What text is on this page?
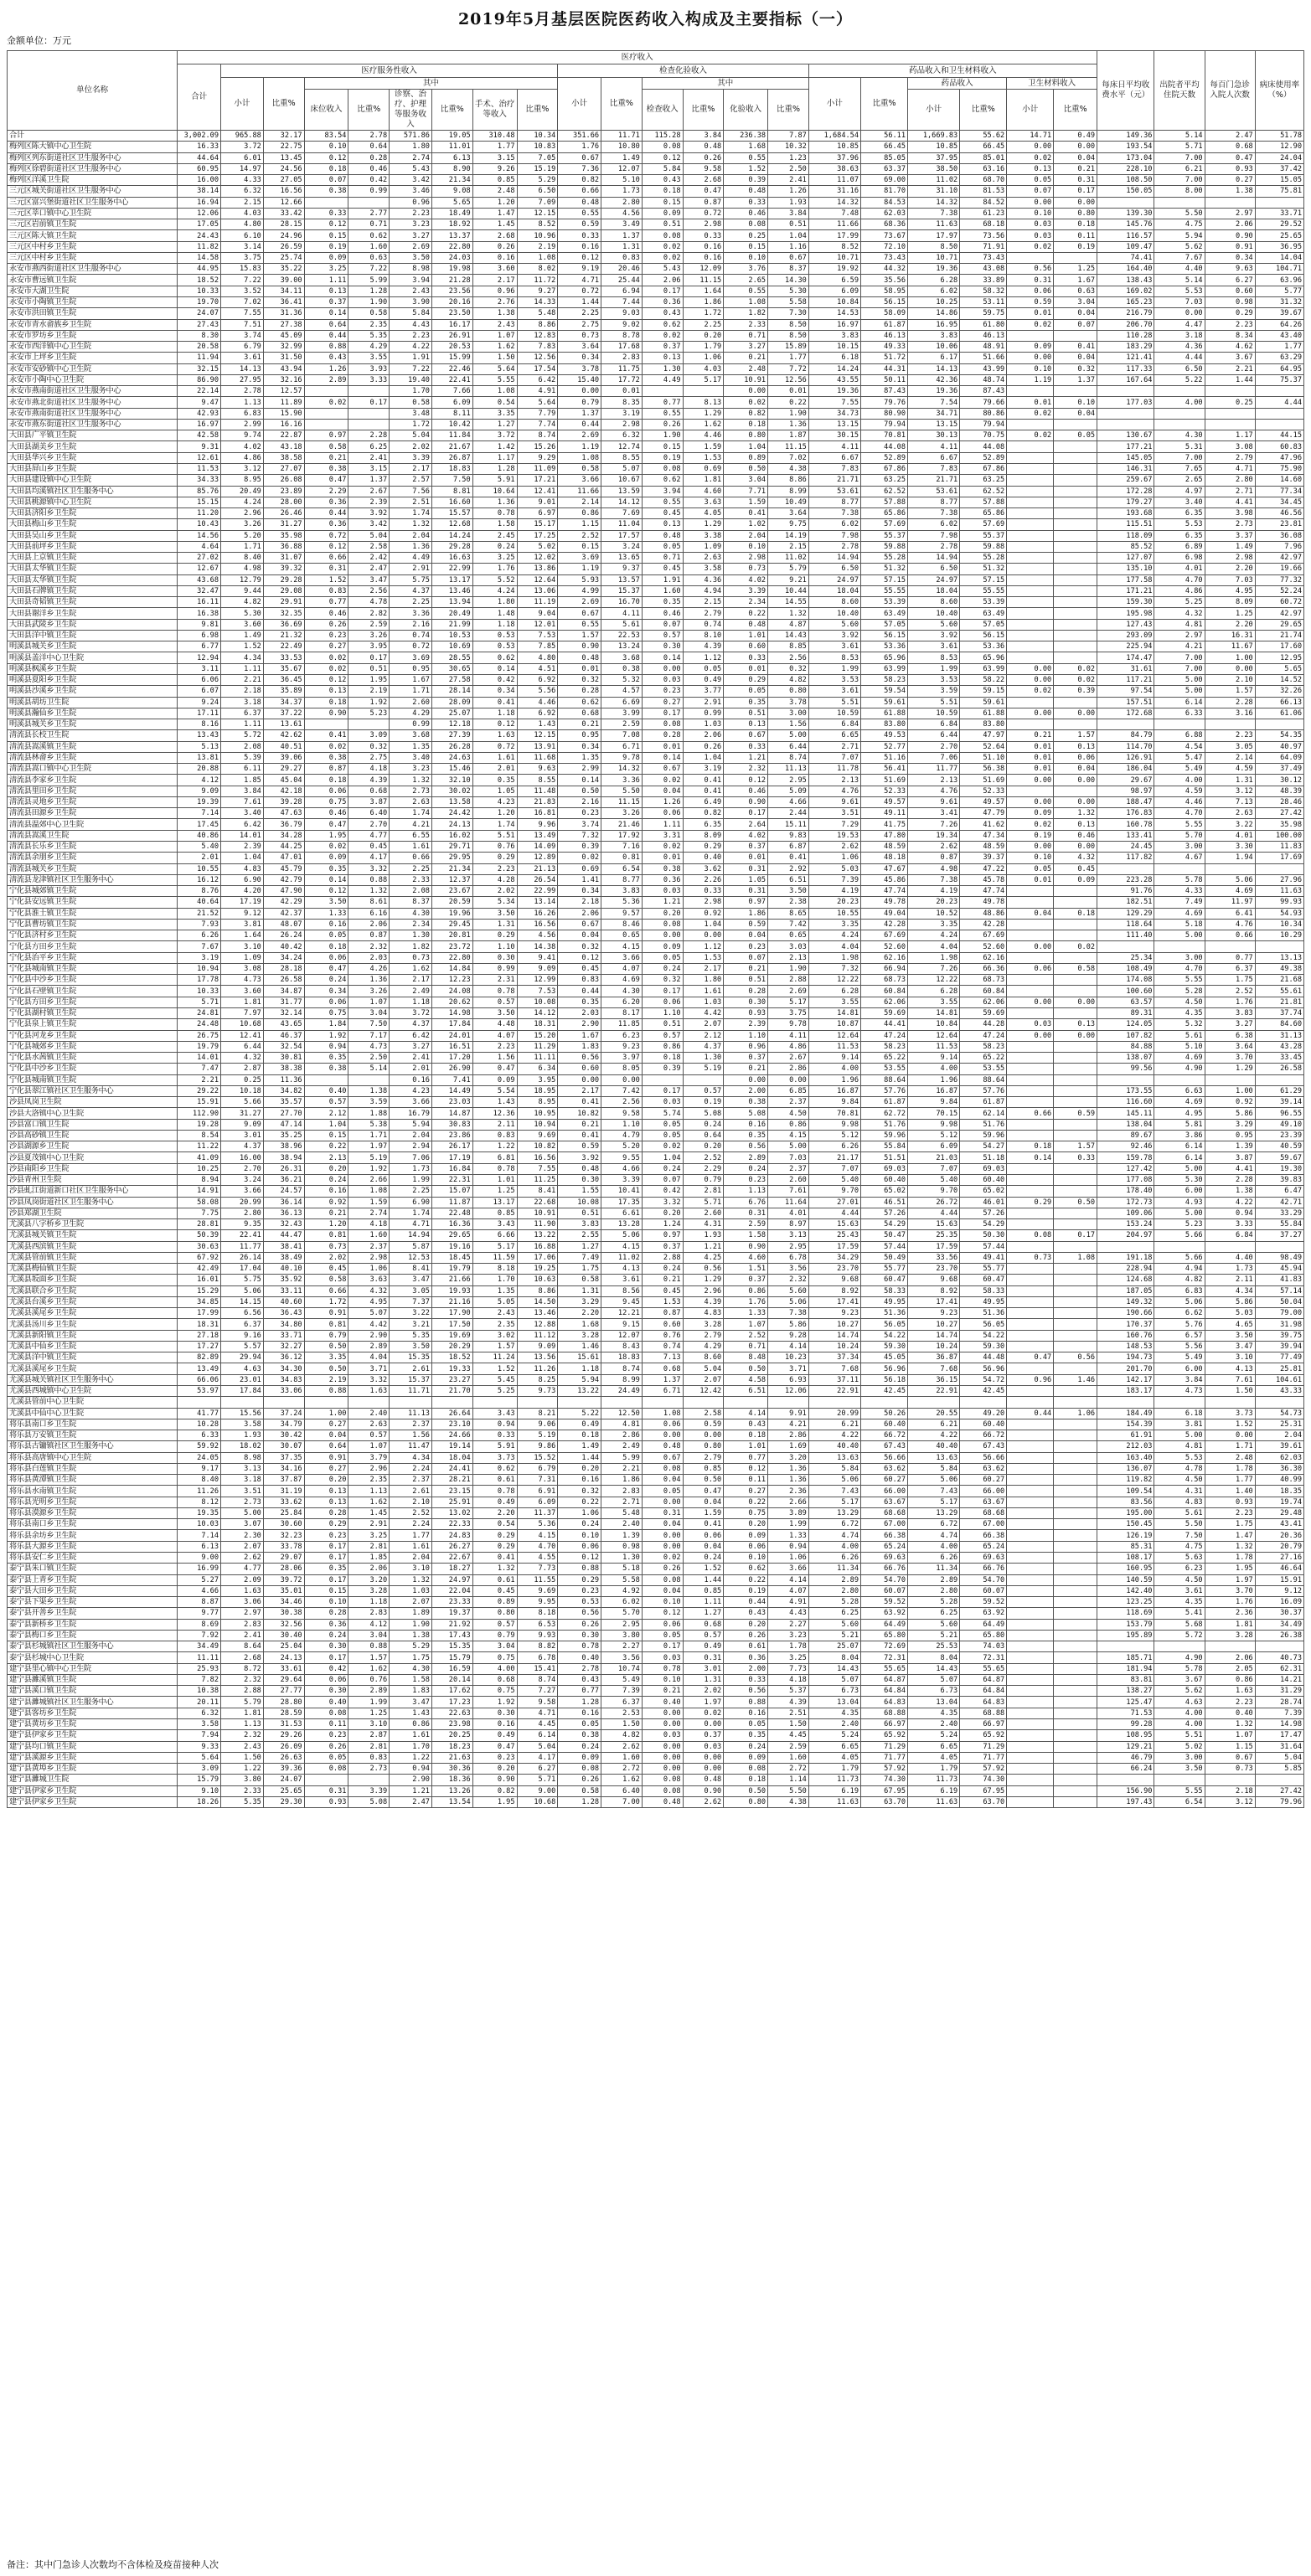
2019年5月基层医院医药收入构成及主要指标（一）
金额单位：万元
单位名称	医疗收入																					每床日平均收费水平（元）	出院者平均住院天数	每百门急诊入院人次数	病床使用率（%）
	合计	医疗服务性收入								检查化验收入						药品收入和卫生材料收入									
		小计	比重%	其中						小计	比重%	其中				小计	比重%	药品收入		卫生材料收入					
				床位收入	比重%	诊察、治疗、护理等服务收入	比重%	手术、治疗等收入	比重%			检查收入	比重%	化验收入	比重%			小计	比重%	小计	比重%				
合计	3,002.09	965.88	32.17	83.54	2.78	571.86	19.05	310.48	10.34	351.66	11.71	115.28	3.84	236.38	7.87	1,684.54	56.11	1,669.83	55.62	14.71	0.49	149.36	5.14	2.47	51.78
梅列区陈大镇中心卫生院	16.33	3.72	22.75	0.10	0.64	1.80	11.01	1.77	10.83	1.76	10.80	0.08	0.48	1.68	10.32	10.85	66.45	10.85	66.45	0.00	0.00	193.54	5.71	0.68	12.90
梅列区列东街道社区卫生服务中心	44.64	6.01	13.45	0.12	0.28	2.74	6.13	3.15	7.05	0.67	1.49	0.12	0.26	0.55	1.23	37.96	85.05	37.95	85.01	0.02	0.04	173.04	7.00	0.47	24.04
梅列区徐碧街道社区卫生服务中心	60.95	14.97	24.56	0.18	0.46	5.43	8.90	9.26	15.19	7.36	12.07	5.84	9.58	1.52	2.50	38.63	63.37	38.50	63.16	0.13	0.21	228.10	6.21	0.93	37.42
梅列区洋溪卫生院	16.00	4.33	27.05	0.07	0.42	3.42	21.34	0.85	5.29	0.82	5.10	0.43	2.68	0.39	2.41	11.07	69.00	11.02	68.70	0.05	0.31	108.50	7.00	0.27	15.05
三元区城关街道社区卫生服务中心	38.14	6.32	16.56	0.38	0.99	3.46	9.08	2.48	6.50	0.66	1.73	0.18	0.47	0.48	1.26	31.16	81.70	31.10	81.53	0.07	0.17	150.05	8.00	1.38	75.81
三元区富兴堡街道社区卫生服务中心	16.94	2.15	12.66			0.96	5.65	1.20	7.09	0.48	2.80	0.15	0.87	0.33	1.93	14.32	84.53	14.32	84.52	0.00	0.00				
三元区莘口镇中心卫生院	12.06	4.03	33.42	0.33	2.77	2.23	18.49	1.47	12.15	0.55	4.56	0.09	0.72	0.46	3.84	7.48	62.03	7.38	61.23	0.10	0.80	139.30	5.50	2.97	33.71
三元区岩前镇卫生院	17.05	4.80	28.15	0.12	0.71	3.23	18.92	1.45	8.52	0.59	3.49	0.51	2.98	0.08	0.51	11.66	68.36	11.63	68.18	0.03	0.18	145.76	4.75	2.06	29.52
三元区陈大镇卫生院	24.43	6.10	24.96	0.15	0.62	3.27	13.37	2.68	10.96	0.33	1.37	0.08	0.33	0.25	1.04	17.99	73.67	17.97	73.56	0.03	0.11	116.57	5.94	0.90	25.65
三元区中村乡卫生院	11.82	3.14	26.59	0.19	1.60	2.69	22.80	0.26	2.19	0.16	1.31	0.02	0.16	0.15	1.16	8.52	72.10	8.50	71.91	0.02	0.19	109.47	5.62	0.91	36.95
三元区中村乡卫生院	14.58	3.75	25.74	0.09	0.63	3.50	24.03	0.16	1.08	0.12	0.83	0.02	0.16	0.10	0.67	10.71	73.43	10.71	73.43			74.41	7.67	0.34	14.04
永安市燕西街道社区卫生服务中心	44.95	15.83	35.22	3.25	7.22	8.98	19.98	3.60	8.02	9.19	20.46	5.43	12.09	3.76	8.37	19.92	44.32	19.36	43.08	0.56	1.25	164.40	4.40	9.63	104.71
永安市曹远镇卫生院	18.52	7.22	39.00	1.11	5.99	3.94	21.28	2.17	11.72	4.71	25.44	2.06	11.15	2.65	14.30	6.59	35.56	6.28	33.89	0.31	1.67	138.43	5.14	6.27	63.96
永安市大湖卫生院	10.33	3.52	34.11	0.13	1.28	2.43	23.56	0.96	9.27	0.72	6.94	0.17	1.64	0.55	5.30	6.09	58.95	6.02	58.32	0.06	0.63	169.02	5.53	0.60	5.77
永安市小陶镇卫生院	19.70	7.02	36.41	0.37	1.90	3.90	20.16	2.76	14.33	1.44	7.44	0.36	1.86	1.08	5.58	10.84	56.15	10.25	53.11	0.59	3.04	165.23	7.03	0.98	31.32
永安市洪田镇卫生院	24.07	7.55	31.36	0.14	0.58	5.84	23.50	1.38	5.48	2.25	9.03	0.43	1.72	1.82	7.30	14.53	58.09	14.86	59.75	0.01	0.04	216.79	0.00	0.29	39.67
永安市青水畲族乡卫生院	27.43	7.51	27.38	0.64	2.35	4.43	16.17	2.43	8.86	2.75	9.02	0.62	2.25	2.33	8.50	16.97	61.87	16.95	61.80	0.02	0.07	206.70	4.47	2.23	64.26
永安市罗坊乡卫生院	8.30	3.74	45.09	0.44	5.35	2.23	26.91	1.07	12.83	0.73	8.78	0.02	0.20	0.71	8.50	3.83	46.13	3.83	46.13			110.28	3.18	8.34	43.40
永安市西洋镇中心卫生院	20.58	6.79	32.99	0.88	4.29	4.22	20.53	1.62	7.83	3.64	17.68	0.37	1.79	3.27	15.89	10.15	49.33	10.06	48.91	0.09	0.41	183.29	4.36	4.62	1.77
永安市上坪乡卫生院	11.94	3.61	31.50	0.43	3.55	1.91	15.99	1.50	12.56	0.34	2.83	0.13	1.06	0.21	1.77	6.18	51.72	6.17	51.66	0.00	0.04	121.41	4.44	3.67	63.29
永安市安砂镇中心卫生院	32.15	14.13	43.94	1.26	3.93	7.22	22.46	5.64	17.54	3.78	11.75	1.30	4.03	2.48	7.72	14.24	44.31	14.13	43.99	0.10	0.32	117.33	6.50	2.21	64.95
永安市小陶中心卫生院	86.90	27.95	32.16	2.89	3.33	19.40	22.41	5.55	6.42	15.40	17.72	4.49	5.17	10.91	12.56	43.55	50.11	42.36	48.74	1.19	1.37	167.64	5.22	1.44	75.37
永安市燕南街道社区卫生服务中心	22.14	2.78	12.57			1.70	7.66	1.08	4.91	0.00	0.01			0.00	0.01	19.36	87.43	19.36	87.43						
永安市燕北街道社区卫生服务中心	9.47	1.13	11.89	0.02	0.17	0.58	6.09	0.54	5.64	0.79	8.35	0.77	8.13	0.02	0.22	7.55	79.76	7.54	79.66	0.01	0.10	177.03	4.00	0.25	4.44
永安市燕南街道社区卫生服务中心	42.93	6.83	15.90			3.48	8.11	3.35	7.79	1.37	3.19	0.55	1.29	0.82	1.90	34.73	80.90	34.71	80.86	0.02	0.04				
永安市燕东街道社区卫生服务中心	16.97	2.99	16.16			1.72	10.42	1.27	7.74	0.44	2.98	0.26	1.62	0.18	1.36	13.15	79.94	13.15	79.94						
大田县广平镇卫生院	42.58	9.74	22.87	0.97	2.28	5.04	11.84	3.72	8.74	2.69	6.32	1.90	4.46	0.80	1.87	30.15	70.81	30.13	70.75	0.02	0.05	130.67	4.30	1.17	44.15
大田县湖美乡卫生院	9.31	4.02	43.18	0.58	6.25	2.02	21.67	1.42	15.26	1.19	12.74	0.15	1.59	1.04	11.15	4.11	44.08	4.11	44.08			177.21	5.31	3.08	60.83
大田县华兴乡卫生院	12.61	4.86	38.58	0.21	2.41	3.39	26.87	1.17	9.29	1.08	8.55	0.19	1.53	0.89	7.02	6.67	52.89	6.67	52.89			145.05	7.00	2.79	47.96
大田县屏山乡卫生院	11.53	3.12	27.07	0.38	3.15	2.17	18.83	1.28	11.09	0.58	5.07	0.08	0.69	0.50	4.38	7.83	67.86	7.83	67.86			146.31	7.65	4.71	75.90
大田县建设镇中心卫生院	34.33	8.95	26.08	0.47	1.37	2.57	7.50	5.91	17.21	3.66	10.67	0.62	1.81	3.04	8.86	21.71	63.25	21.71	63.25			259.67	2.65	2.80	14.60
大田县均溪镇社区卫生服务中心	85.76	20.49	23.89	2.29	2.67	7.56	8.81	10.64	12.41	11.66	13.59	3.94	4.60	7.71	8.99	53.61	62.52	53.61	62.52			172.28	4.97	2.71	77.34
大田县桃源镇中心卫生院	15.15	4.24	28.00	0.36	2.39	2.51	16.60	1.36	9.01	2.14	14.12	0.55	3.63	1.59	10.49	8.77	57.88	8.77	57.88			179.27	3.40	4.41	34.45
大田县济阳乡卫生院	11.20	2.96	26.46	0.44	3.92	1.74	15.57	0.78	6.97	0.86	7.69	0.45	4.05	0.41	3.64	7.38	65.86	7.38	65.86			193.68	6.35	3.98	46.56
大田县梅山乡卫生院	10.43	3.26	31.27	0.36	3.42	1.32	12.68	1.58	15.17	1.15	11.04	0.13	1.29	1.02	9.75	6.02	57.69	6.02	57.69			115.51	5.53	2.73	23.81
大田县吴山乡卫生院	14.56	5.20	35.98	0.72	5.04	2.04	14.24	2.45	17.25	2.52	17.57	0.48	3.38	2.04	14.19	7.98	55.37	7.98	55.37			118.09	6.35	3.37	36.08
大田县前坪乡卫生院	4.64	1.71	36.88	0.12	2.58	1.36	29.28	0.24	5.02	0.15	3.24	0.05	1.09	0.10	2.15	2.78	59.88	2.78	59.88			85.52	6.89	1.49	7.96
大田县上京镇卫生院	27.02	8.40	31.07	0.66	2.42	4.49	16.63	3.25	12.02	3.69	13.65	0.71	2.63	2.98	11.02	14.94	55.28	14.94	55.28			127.07	6.98	2.98	42.97
大田县太华镇卫生院	12.67	4.98	39.32	0.31	2.47	2.91	22.99	1.76	13.86	1.19	9.37	0.45	3.58	0.73	5.79	6.50	51.32	6.50	51.32			135.10	4.01	2.20	19.66
大田县太华镇卫生院	43.68	12.79	29.28	1.52	3.47	5.75	13.17	5.52	12.64	5.93	13.57	1.91	4.36	4.02	9.21	24.97	57.15	24.97	57.15			177.58	4.70	7.03	77.32
大田县石牌镇卫生院	32.47	9.44	29.08	0.83	2.56	4.37	13.46	4.24	13.06	4.99	15.37	1.60	4.94	3.39	10.44	18.04	55.55	18.04	55.55			171.21	4.86	4.95	52.24
大田县奇韬镇卫生院	16.11	4.82	29.91	0.77	4.78	2.25	13.94	1.80	11.19	2.69	16.70	0.35	2.15	2.34	14.55	8.60	53.39	8.60	53.39			159.30	5.25	8.09	60.72
大田县谢洋乡卫生院	16.38	5.30	32.35	0.46	2.82	3.36	20.49	1.48	9.04	0.67	4.11	0.46	2.79	0.22	1.32	10.40	63.49	10.40	63.49			195.98	4.32	1.25	42.97
大田县武陵乡卫生院	9.81	3.60	36.69	0.26	2.59	2.16	21.99	1.18	12.01	0.55	5.61	0.07	0.74	0.48	4.87	5.60	57.05	5.60	57.05			127.43	4.81	2.20	29.65
大田县洋中镇卫生院	6.98	1.49	21.32	0.23	3.26	0.74	10.53	0.53	7.53	1.57	22.53	0.57	8.10	1.01	14.43	3.92	56.15	3.92	56.15			293.09	2.97	16.31	21.74
明溪县城关乡卫生院	6.77	1.52	22.49	0.27	3.95	0.72	10.69	0.53	7.85	0.90	13.24	0.30	4.39	0.60	8.85	3.61	53.36	3.61	53.36			225.94	4.21	11.67	17.60
明溪县盖洋中心卫生院	12.94	4.34	33.53	0.02	0.17	3.69	28.55	0.62	4.80	0.48	3.68	0.14	1.12	0.33	2.56	8.53	65.96	8.53	65.96			174.47	7.00	1.00	12.95
明溪县枫溪乡卫生院	3.11	1.11	35.67	0.02	0.51	0.95	30.65	0.14	4.51	0.01	0.38	0.00	0.05	0.01	0.32	1.99	63.99	1.99	63.99	0.00	0.02	31.61	7.00	0.00	5.65
明溪县夏阳乡卫生院	6.06	2.21	36.45	0.12	1.95	1.67	27.58	0.42	6.92	0.32	5.32	0.03	0.49	0.29	4.82	3.53	58.23	3.53	58.22	0.00	0.02	117.21	5.00	2.10	14.52
明溪县沙溪乡卫生院	6.07	2.18	35.89	0.13	2.19	1.71	28.14	0.34	5.56	0.28	4.57	0.23	3.77	0.05	0.80	3.61	59.54	3.59	59.15	0.02	0.39	97.54	5.00	1.57	32.26
明溪县胡坊卫生院	9.24	3.18	34.37	0.18	1.92	2.60	28.09	0.41	4.46	0.62	6.69	0.27	2.91	0.35	3.78	5.51	59.61	5.51	59.61			157.51	6.14	2.28	66.13
明溪县瀚仙乡卫生院	17.11	6.37	37.22	0.90	5.23	4.29	25.07	1.18	6.92	0.68	3.99	0.17	0.99	0.51	3.00	10.59	61.88	10.59	61.88	0.00	0.00	172.68	6.33	3.16	61.06
明溪县城关乡卫生院	8.16	1.11	13.61			0.99	12.18	0.12	1.43	0.21	2.59	0.08	1.03	0.13	1.56	6.84	83.80	6.84	83.80						
清流县长校卫生院	13.43	5.72	42.62	0.41	3.09	3.68	27.39	1.63	12.15	0.95	7.08	0.28	2.06	0.67	5.00	6.65	49.53	6.44	47.97	0.21	1.57	84.79	6.88	2.23	54.35
清流县嵩溪镇卫生院	5.13	2.08	40.51	0.02	0.32	1.35	26.28	0.72	13.91	0.34	6.71	0.01	0.26	0.33	6.44	2.71	52.77	2.70	52.64	0.01	0.13	114.70	4.54	3.05	40.97
清流县林畲乡卫生院	13.81	5.39	39.06	0.38	2.75	3.40	24.63	1.61	11.68	1.35	9.78	0.14	1.04	1.21	8.74	7.07	51.16	7.06	51.10	0.01	0.06	126.91	5.47	2.14	64.09
清流县嵩口镇中心卫生院	20.88	6.11	29.27	0.87	4.18	3.23	15.46	2.01	9.63	2.99	14.32	0.67	3.19	2.32	11.13	11.78	56.41	11.77	56.38	0.01	0.04	186.04	5.49	4.59	37.49
清流县李家乡卫生院	4.12	1.85	45.04	0.18	4.39	1.32	32.10	0.35	8.55	0.14	3.36	0.02	0.41	0.12	2.95	2.13	51.69	2.13	51.69	0.00	0.00	29.67	4.00	1.31	30.12
清流县里田乡卫生院	9.09	3.84	42.18	0.06	0.68	2.73	30.02	1.05	11.48	0.50	5.50	0.04	0.41	0.46	5.09	4.76	52.33	4.76	52.33			98.97	4.59	3.12	48.39
清流县灵地乡卫生院	19.39	7.61	39.28	0.75	3.87	2.63	13.58	4.23	21.83	2.16	11.15	1.26	6.49	0.90	4.66	9.61	49.57	9.61	49.57	0.00	0.00	188.47	4.46	7.13	28.46
清流县田源乡卫生院	7.14	3.40	47.63	0.46	6.40	1.74	24.42	1.20	16.81	0.23	3.26	0.06	0.82	0.17	2.44	3.51	49.11	3.41	47.79	0.09	1.32	176.83	4.70	2.63	27.42
清流县温郊中心卫生院	17.45	6.42	36.79	0.47	2.70	4.21	24.13	1.74	9.96	3.74	21.46	1.11	6.35	2.64	15.11	7.29	41.75	7.26	41.62	0.02	0.13	160.78	5.55	3.22	35.98
清流县嵩溪卫生院	40.86	14.01	34.28	1.95	4.77	6.55	16.02	5.51	13.49	7.32	17.92	3.31	8.09	4.02	9.83	19.53	47.80	19.34	47.34	0.19	0.46	133.41	5.70	4.01	100.00
清流县长乐乡卫生院	5.40	2.39	44.25	0.02	0.45	1.61	29.71	0.76	14.09	0.39	7.16	0.02	0.29	0.37	6.87	2.62	48.59	2.62	48.59	0.00	0.00	24.45	3.00	3.30	11.83
清流县余朋乡卫生院	2.01	1.04	47.01	0.09	4.17	0.66	29.95	0.29	12.89	0.02	0.81	0.01	0.40	0.01	0.41	1.06	48.18	0.87	39.37	0.10	4.32	117.82	4.67	1.94	17.69
清流县城关乡卫生院	10.55	4.83	45.79	0.35	3.32	2.25	21.34	2.23	21.13	0.69	6.54	0.38	3.62	0.31	2.92	5.03	47.67	4.98	47.22	0.05	0.45				
清流县龙津镇社区卫生服务中心	16.12	6.90	42.79	0.14	0.88	2.33	12.37	4.28	26.54	1.41	8.77	0.36	2.26	1.05	6.51	7.39	45.86	7.38	45.78	0.01	0.09	223.28	5.78	5.06	27.96
宁化县城郊镇卫生院	8.76	4.20	47.90	0.12	1.32	2.08	23.67	2.02	22.99	0.34	3.83	0.03	0.33	0.31	3.50	4.19	47.74	4.19	47.74			91.76	4.33	4.69	11.63
宁化县安远镇卫生院	40.64	17.19	42.29	3.50	8.61	8.37	20.59	5.34	13.14	2.18	5.36	1.21	2.98	0.97	2.38	20.23	49.78	20.23	49.78			182.51	7.49	11.97	99.93
宁化县淮土镇卫生院	21.52	9.12	42.37	1.33	6.16	4.30	19.96	3.50	16.26	2.06	9.57	0.20	0.92	1.86	8.65	10.55	49.04	10.52	48.86	0.04	0.18	129.29	4.69	6.41	54.93
宁化县曹坊镇卫生院	7.93	3.81	48.07	0.16	2.06	2.34	29.45	1.31	16.56	0.67	8.46	0.08	1.04	0.59	7.42	3.35	42.28	3.35	42.28			118.64	5.18	4.76	10.34
宁化县济村乡卫生院	6.26	1.64	26.24	0.05	0.87	1.30	20.81	0.29	4.56	0.04	0.65	0.00	0.00	0.04	0.65	4.24	67.69	4.24	67.69			111.40	5.00	0.66	10.29
宁化县方田乡卫生院	7.67	3.10	40.42	0.18	2.32	1.82	23.72	1.10	14.38	0.32	4.15	0.09	1.12	0.23	3.03	4.04	52.60	4.04	52.60	0.00	0.02				
宁化县治平乡卫生院	3.19	1.09	34.24	0.06	2.03	0.73	22.80	0.30	9.41	0.12	3.66	0.05	1.53	0.07	2.13	1.98	62.16	1.98	62.16			25.34	3.00	0.77	13.13
宁化县城南镇卫生院	10.94	3.08	28.18	0.47	4.26	1.62	14.84	0.99	9.09	0.45	4.07	0.24	2.17	0.21	1.90	7.32	66.94	7.26	66.36	0.06	0.58	108.49	4.70	6.37	49.38
宁化县中沙乡卫生院	17.78	4.73	26.58	0.24	1.36	2.17	12.23	2.31	12.99	0.83	4.69	0.32	1.80	0.51	2.88	12.22	68.73	12.22	68.73			174.08	5.55	1.75	21.68
宁化县石壁镇卫生院	10.33	3.60	34.87	0.34	3.26	2.49	24.08	0.78	7.53	0.44	4.30	0.17	1.61	0.28	2.69	6.28	60.84	6.28	60.84			100.60	5.28	2.52	55.61
宁化县方田乡卫生院	5.71	1.81	31.77	0.06	1.07	1.18	20.62	0.57	10.08	0.35	6.20	0.06	1.03	0.30	5.17	3.55	62.06	3.55	62.06	0.00	0.00	63.57	4.50	1.76	21.81
宁化县湖村镇卫生院	24.81	7.97	32.14	0.75	3.04	3.72	14.98	3.50	14.12	2.03	8.17	1.10	4.42	0.93	3.75	14.81	59.69	14.81	59.69			89.31	4.35	3.83	37.74
宁化县泉上镇卫生院	24.48	10.68	43.65	1.84	7.50	4.37	17.84	4.48	18.31	2.90	11.85	0.51	2.07	2.39	9.78	10.87	44.41	10.84	44.28	0.03	0.13	124.05	5.32	3.27	84.60
宁化县河龙乡卫生院	26.75	12.41	46.37	1.92	7.17	6.42	24.01	4.07	15.20	1.67	6.23	0.57	2.12	1.10	4.11	12.64	47.24	12.64	47.24	0.00	0.00	107.82	5.61	6.38	31.13
宁化县城郊乡卫生院	19.79	6.44	32.54	0.94	4.73	3.27	16.51	2.23	11.29	1.83	9.23	0.86	4.37	0.96	4.86	11.53	58.23	11.53	58.23			84.88	5.10	3.64	43.28
宁化县水茜镇卫生院	14.01	4.32	30.81	0.35	2.50	2.41	17.20	1.56	11.11	0.56	3.97	0.18	1.30	0.37	2.67	9.14	65.22	9.14	65.22			138.07	4.69	3.70	33.45
宁化县中沙乡卫生院	7.47	2.87	38.38	0.38	5.14	2.01	26.90	0.47	6.34	0.60	8.05	0.39	5.19	0.21	2.86	4.00	53.55	4.00	53.55			99.56	4.90	1.29	26.58
宁化县城南镇卫生院	2.21	0.25	11.36			0.16	7.41	0.09	3.95	0.00	0.00			0.00	0.00	1.96	88.64	1.96	88.64						
宁化县翠江镇社区卫生服务中心	29.22	10.18	34.82	0.40	1.38	4.23	14.49	5.54	18.95	2.17	7.42	0.17	0.57	2.00	6.85	16.87	57.76	16.87	57.76			173.55	6.63	1.00	61.29
沙县凤岗卫生院	15.91	5.66	35.57	0.57	3.59	3.66	23.03	1.43	8.95	0.41	2.56	0.03	0.19	0.38	2.37	9.84	61.87	9.84	61.87			116.60	4.69	0.92	39.14
沙县大洛镇中心卫生院	112.90	31.27	27.70	2.12	1.88	16.79	14.87	12.36	10.95	10.82	9.58	5.74	5.08	5.08	4.50	70.81	62.72	70.15	62.14	0.66	0.59	145.11	4.95	5.86	96.55
沙县富口镇卫生院	19.28	9.09	47.14	1.04	5.38	5.94	30.83	2.11	10.94	0.21	1.10	0.05	0.24	0.16	0.86	9.98	51.76	9.98	51.76			138.04	5.81	3.29	49.10
沙县高砂镇卫生院	8.54	3.01	35.25	0.15	1.71	2.04	23.86	0.83	9.69	0.41	4.79	0.05	0.64	0.35	4.15	5.12	59.96	5.12	59.96			89.67	3.86	0.95	23.39
沙县湖源乡卫生院	11.22	4.37	38.96	0.22	1.97	2.94	26.17	1.22	10.82	0.59	5.20	0.02	0.20	0.56	5.00	6.26	55.84	6.09	54.27	0.18	1.57	92.46	6.14	1.39	40.59
沙县夏茂镇中心卫生院	41.09	16.00	38.94	2.13	5.19	7.06	17.19	6.81	16.56	3.92	9.55	1.04	2.52	2.89	7.03	21.17	51.51	21.03	51.18	0.14	0.33	159.78	6.14	3.87	59.67
沙县南阳乡卫生院	10.25	2.70	26.31	0.20	1.92	1.73	16.84	0.78	7.55	0.48	4.66	0.24	2.29	0.24	2.37	7.07	69.03	7.07	69.03			127.42	5.00	4.41	19.30
沙县青州卫生院	8.94	3.24	36.21	0.24	2.66	1.99	22.31	1.01	11.25	0.30	3.39	0.07	0.79	0.23	2.60	5.40	60.40	5.40	60.40			177.08	5.30	2.28	39.83
沙县虬江街道新口社区卫生服务中心	14.91	3.66	24.57	0.16	1.08	2.25	15.07	1.25	8.41	1.55	10.41	0.42	2.81	1.13	7.61	9.70	65.02	9.70	65.02			178.40	6.00	1.38	6.47
沙县凤岗街道社区卫生服务中心	58.08	20.99	36.14	0.92	1.59	6.90	11.87	13.17	22.68	10.08	17.35	3.32	5.71	6.76	11.64	27.01	46.51	26.72	46.01	0.29	0.50	172.73	4.93	4.22	42.71
沙县郑湖卫生院	7.75	2.80	36.13	0.21	2.74	1.74	22.48	0.85	10.91	0.51	6.61	0.20	2.60	0.31	4.01	4.44	57.26	4.44	57.26			109.06	5.00	0.94	33.29
尤溪县八字桥乡卫生院	28.81	9.35	32.43	1.20	4.18	4.71	16.36	3.43	11.90	3.83	13.28	1.24	4.31	2.59	8.97	15.63	54.29	15.63	54.29			153.24	5.23	3.33	55.84
尤溪县城关镇卫生院	50.39	22.41	44.47	0.81	1.60	14.94	29.65	6.66	13.22	2.55	5.06	0.97	1.93	1.58	3.13	25.43	50.47	25.35	50.30	0.08	0.17	204.97	5.66	6.84	37.27
尤溪县西滨镇卫生院	30.63	11.77	38.41	0.73	2.37	5.87	19.16	5.17	16.88	1.27	4.15	0.37	1.21	0.90	2.95	17.59	57.44	17.59	57.44						
尤溪县管前镇卫生院	67.92	26.14	38.49	2.02	2.98	12.53	18.45	11.59	17.06	7.49	11.02	2.88	4.25	4.60	6.78	34.29	50.49	33.56	49.41	0.73	1.08	191.18	5.66	4.40	98.49
尤溪县梅仙镇卫生院	42.49	17.04	40.10	0.45	1.06	8.41	19.79	8.18	19.25	1.75	4.13	0.24	0.56	1.51	3.56	23.70	55.77	23.70	55.77			228.94	4.94	1.73	45.94
尤溪县坂面乡卫生院	16.01	5.75	35.92	0.58	3.63	3.47	21.66	1.70	10.63	0.58	3.61	0.21	1.29	0.37	2.32	9.68	60.47	9.68	60.47			124.68	4.82	2.11	41.83
尤溪县联合乡卫生院	15.29	5.06	33.11	0.66	4.32	3.05	19.93	1.35	8.86	1.31	8.56	0.45	2.96	0.86	5.60	8.92	58.33	8.92	58.33			187.05	6.83	4.34	57.14
尤溪县台溪乡卫生院	34.85	14.15	40.60	1.72	4.95	7.37	21.16	5.05	14.50	3.29	9.45	1.53	4.39	1.76	5.06	17.41	49.95	17.41	49.95			149.32	5.06	5.86	50.04
尤溪县溪尾乡卫生院	17.99	6.56	36.43	0.91	5.07	3.22	17.90	2.43	13.46	2.20	12.21	0.87	4.83	1.33	7.38	9.23	51.36	9.23	51.36			190.66	6.62	5.03	79.00
尤溪县汤川乡卫生院	18.31	6.37	34.80	0.81	4.42	3.21	17.50	2.35	12.88	1.68	9.15	0.60	3.28	1.07	5.86	10.27	56.05	10.27	56.05			170.37	5.76	4.65	31.98
尤溪县新阳镇卫生院	27.18	9.16	33.71	0.79	2.90	5.35	19.69	3.02	11.12	3.28	12.07	0.76	2.79	2.52	9.28	14.74	54.22	14.74	54.22			160.76	6.57	3.50	39.75
尤溪县中仙乡卫生院	17.27	5.57	32.27	0.50	2.89	3.50	20.29	1.57	9.09	1.46	8.43	0.74	4.29	0.71	4.14	10.24	59.30	10.24	59.30			148.53	5.56	3.47	39.94
尤溪县洋中镇卫生院	82.89	29.94	36.12	3.35	4.04	15.35	18.52	11.24	13.56	15.61	18.83	7.13	8.60	8.48	10.23	37.34	45.05	36.87	44.48	0.47	0.56	194.73	5.49	3.10	77.49
尤溪县溪尾乡卫生院	13.49	4.63	34.30	0.50	3.71	2.61	19.33	1.52	11.26	1.18	8.74	0.68	5.04	0.50	3.71	7.68	56.96	7.68	56.96			201.70	6.00	4.13	25.81
尤溪县城关镇社区卫生服务中心	66.06	23.01	34.83	2.19	3.32	15.37	23.27	5.45	8.25	5.94	8.99	1.37	2.07	4.58	6.93	37.11	56.18	36.15	54.72	0.96	1.46	142.17	3.84	7.61	104.61
尤溪县西城镇中心卫生院	53.97	17.84	33.06	0.88	1.63	11.71	21.70	5.25	9.73	13.22	24.49	6.71	12.42	6.51	12.06	22.91	42.45	22.91	42.45			183.17	4.73	1.50	43.33
尤溪县管前中心卫生院																									
尤溪县中仙中心卫生院	41.77	15.56	37.24	1.00	2.40	11.13	26.64	3.43	8.21	5.22	12.50	1.08	2.58	4.14	9.91	20.99	50.26	20.55	49.20	0.44	1.06	184.49	6.18	3.73	54.73
将乐县南口乡卫生院	10.28	3.58	34.79	0.27	2.63	2.37	23.10	0.94	9.06	0.49	4.81	0.06	0.59	0.43	4.21	6.21	60.40	6.21	60.40			154.39	3.81	1.52	25.31
将乐县万安镇卫生院	6.33	1.93	30.42	0.04	0.57	1.56	24.66	0.33	5.19	0.18	2.86	0.00	0.00	0.18	2.86	4.22	66.72	4.22	66.72			61.91	5.00	0.00	2.04
将乐县古镛镇社区卫生服务中心	59.92	18.02	30.07	0.64	1.07	11.47	19.14	5.91	9.86	1.49	2.49	0.48	0.80	1.01	1.69	40.40	67.43	40.40	67.43			212.03	4.81	1.71	39.61
将乐县高唐镇中心卫生院	24.05	8.98	37.35	0.91	3.79	4.34	18.04	3.73	15.52	1.44	5.99	0.67	2.79	0.77	3.20	13.63	56.66	13.63	56.66			163.40	5.53	2.48	62.03
将乐县白莲镇卫生院	9.17	3.13	34.16	0.27	2.96	2.24	24.41	0.62	6.79	0.20	2.21	0.08	0.85	0.12	1.36	5.84	63.62	5.84	63.62			136.07	4.78	1.78	36.30
将乐县黄潭镇卫生院	8.40	3.18	37.87	0.20	2.35	2.37	28.21	0.61	7.31	0.16	1.86	0.04	0.50	0.11	1.36	5.06	60.27	5.06	60.27			119.82	4.50	1.77	40.99
将乐县水南镇卫生院	11.26	3.51	31.19	0.13	1.13	2.61	23.15	0.78	6.91	0.32	2.83	0.05	0.47	0.27	2.36	7.43	66.00	7.43	66.00			109.54	4.31	1.40	18.35
将乐县光明乡卫生院	8.12	2.73	33.62	0.13	1.62	2.10	25.91	0.49	6.09	0.22	2.71	0.00	0.04	0.22	2.66	5.17	63.67	5.17	63.67			83.56	4.83	0.93	19.74
将乐县漠源乡卫生院	19.35	5.00	25.84	0.28	1.45	2.52	13.02	2.20	11.37	1.06	5.48	0.31	1.59	0.75	3.89	13.29	68.68	13.29	68.68			195.00	5.61	2.23	29.48
将乐县南口乡卫生院	10.03	3.07	30.60	0.29	2.91	2.24	22.33	0.54	5.36	0.24	2.40	0.04	0.41	0.20	1.99	6.72	67.00	6.72	67.00			150.45	5.50	1.75	43.41
将乐县余坊乡卫生院	7.14	2.30	32.23	0.23	3.25	1.77	24.83	0.29	4.15	0.10	1.39	0.00	0.06	0.09	1.33	4.74	66.38	4.74	66.38			126.19	7.50	1.47	20.36
将乐县大源乡卫生院	6.13	2.07	33.78	0.17	2.81	1.61	26.27	0.29	4.70	0.06	0.98	0.00	0.04	0.06	0.94	4.00	65.24	4.00	65.24			85.31	4.75	1.32	20.79
将乐县安仁乡卫生院	9.00	2.62	29.07	0.17	1.85	2.04	22.67	0.41	4.55	0.12	1.30	0.02	0.24	0.10	1.06	6.26	69.63	6.26	69.63			108.17	5.63	1.78	27.16
泰宁县朱口镇卫生院	16.99	4.77	28.06	0.35	2.06	3.10	18.27	1.32	7.73	0.88	5.18	0.26	1.52	0.62	3.66	11.34	66.76	11.34	66.76			160.95	6.23	1.95	46.64
泰宁县上青乡卫生院	5.27	2.09	39.72	0.17	3.20	1.32	24.97	0.61	11.55	0.29	5.58	0.08	1.44	0.22	4.14	2.89	54.70	2.89	54.70			140.59	4.50	1.97	15.91
泰宁县大田乡卫生院	4.66	1.63	35.01	0.15	3.28	1.03	22.04	0.45	9.69	0.23	4.92	0.04	0.85	0.19	4.07	2.80	60.07	2.80	60.07			142.40	3.61	3.70	9.12
泰宁县下渠乡卫生院	8.87	3.06	34.46	0.10	1.18	2.07	23.33	0.89	9.95	0.53	6.02	0.10	1.11	0.44	4.91	5.28	59.52	5.28	59.52			123.25	4.35	1.76	16.09
泰宁县开善乡卫生院	9.77	2.97	30.38	0.28	2.83	1.89	19.37	0.80	8.18	0.56	5.70	0.12	1.27	0.43	4.43	6.25	63.92	6.25	63.92			118.69	5.41	2.36	30.37
泰宁县新桥乡卫生院	8.69	2.83	32.56	0.36	4.12	1.90	21.92	0.57	6.53	0.26	2.95	0.06	0.68	0.20	2.27	5.60	64.49	5.60	64.49			153.79	5.68	1.81	34.49
泰宁县梅口乡卫生院	7.92	2.41	30.40	0.24	3.04	1.38	17.43	0.79	9.93	0.30	3.80	0.05	0.57	0.26	3.23	5.21	65.80	5.21	65.80			195.89	5.72	3.28	26.38
泰宁县杉城镇社区卫生服务中心	34.49	8.64	25.04	0.30	0.88	5.29	15.35	3.04	8.82	0.78	2.27	0.17	0.49	0.61	1.78	25.07	72.69	25.53	74.03						
泰宁县杉城中心卫生院	11.11	2.68	24.13	0.17	1.57	1.75	15.79	0.75	6.78	0.40	3.56	0.03	0.31	0.36	3.25	8.04	72.31	8.04	72.31			185.71	4.90	2.06	40.73
建宁县里心镇中心卫生院	25.93	8.72	33.61	0.42	1.62	4.30	16.59	4.00	15.41	2.78	10.74	0.78	3.01	2.00	7.73	14.43	55.65	14.43	55.65			181.94	5.78	2.05	62.31
建宁县濉溪镇卫生院	7.82	2.32	29.64	0.06	0.76	1.58	20.14	0.68	8.74	0.43	5.49	0.10	1.31	0.33	4.18	5.07	64.87	5.07	64.87			83.81	3.67	0.86	14.21
建宁县溪口镇卫生院	10.38	2.88	27.77	0.30	2.89	1.83	17.62	0.75	7.27	0.77	7.39	0.21	2.02	0.56	5.37	6.73	64.84	6.73	64.84			138.27	5.62	1.63	31.29
建宁县濉城镇社区卫生服务中心	20.11	5.79	28.80	0.40	1.99	3.47	17.23	1.92	9.58	1.28	6.37	0.40	1.97	0.88	4.39	13.04	64.83	13.04	64.83			125.47	4.63	2.23	28.74
建宁县客坊乡卫生院	6.32	1.81	28.59	0.08	1.25	1.43	22.63	0.30	4.71	0.16	2.53	0.00	0.02	0.16	2.51	4.35	68.88	4.35	68.88			71.53	4.00	0.40	7.39
建宁县黄坊乡卫生院	3.58	1.13	31.53	0.11	3.10	0.86	23.98	0.16	4.45	0.05	1.50	0.00	0.00	0.05	1.50	2.40	66.97	2.40	66.97			99.28	4.00	1.32	14.98
建宁县伊家乡卫生院	7.94	2.32	29.26	0.23	2.87	1.61	20.25	0.49	6.14	0.38	4.82	0.03	0.37	0.35	4.45	5.24	65.92	5.24	65.92			108.95	5.51	1.07	17.47
建宁县均口镇卫生院	9.33	2.43	26.09	0.26	2.81	1.70	18.23	0.47	5.04	0.24	2.62	0.00	0.03	0.24	2.59	6.65	71.29	6.65	71.29			129.21	5.02	1.15	31.64
建宁县溪源乡卫生院	5.64	1.50	26.63	0.05	0.83	1.22	21.63	0.23	4.17	0.09	1.60	0.00	0.00	0.09	1.60	4.05	71.77	4.05	71.77			46.79	3.00	0.67	5.04
建宁县黄埠乡卫生院	3.09	1.22	39.36	0.08	2.73	0.94	30.36	0.20	6.27	0.08	2.72	0.00	0.00	0.08	2.72	1.79	57.92	1.79	57.92			66.24	3.50	0.73	5.85
建宁县濉城卫生院	15.79	3.80	24.07			2.90	18.36	0.90	5.71	0.26	1.62	0.08	0.48	0.18	1.14	11.73	74.30	11.73	74.30						
建宁县伊家乡卫生院	9.10	2.33	25.65	0.31	3.39	1.21	13.26	0.82	9.00	0.58	6.40	0.08	0.90	0.50	5.50	6.19	67.95	6.19	67.95			156.90	5.55	2.18	27.42
建宁县伊家乡卫生院	18.26	5.35	29.30	0.93	5.08	2.47	13.54	1.95	10.68	1.28	7.00	0.48	2.62	0.80	4.38	11.63	63.70	11.63	63.70			197.43	6.54	3.12	79.96
备注：其中门急诊人次数均不含体检及疫苗接种人次
